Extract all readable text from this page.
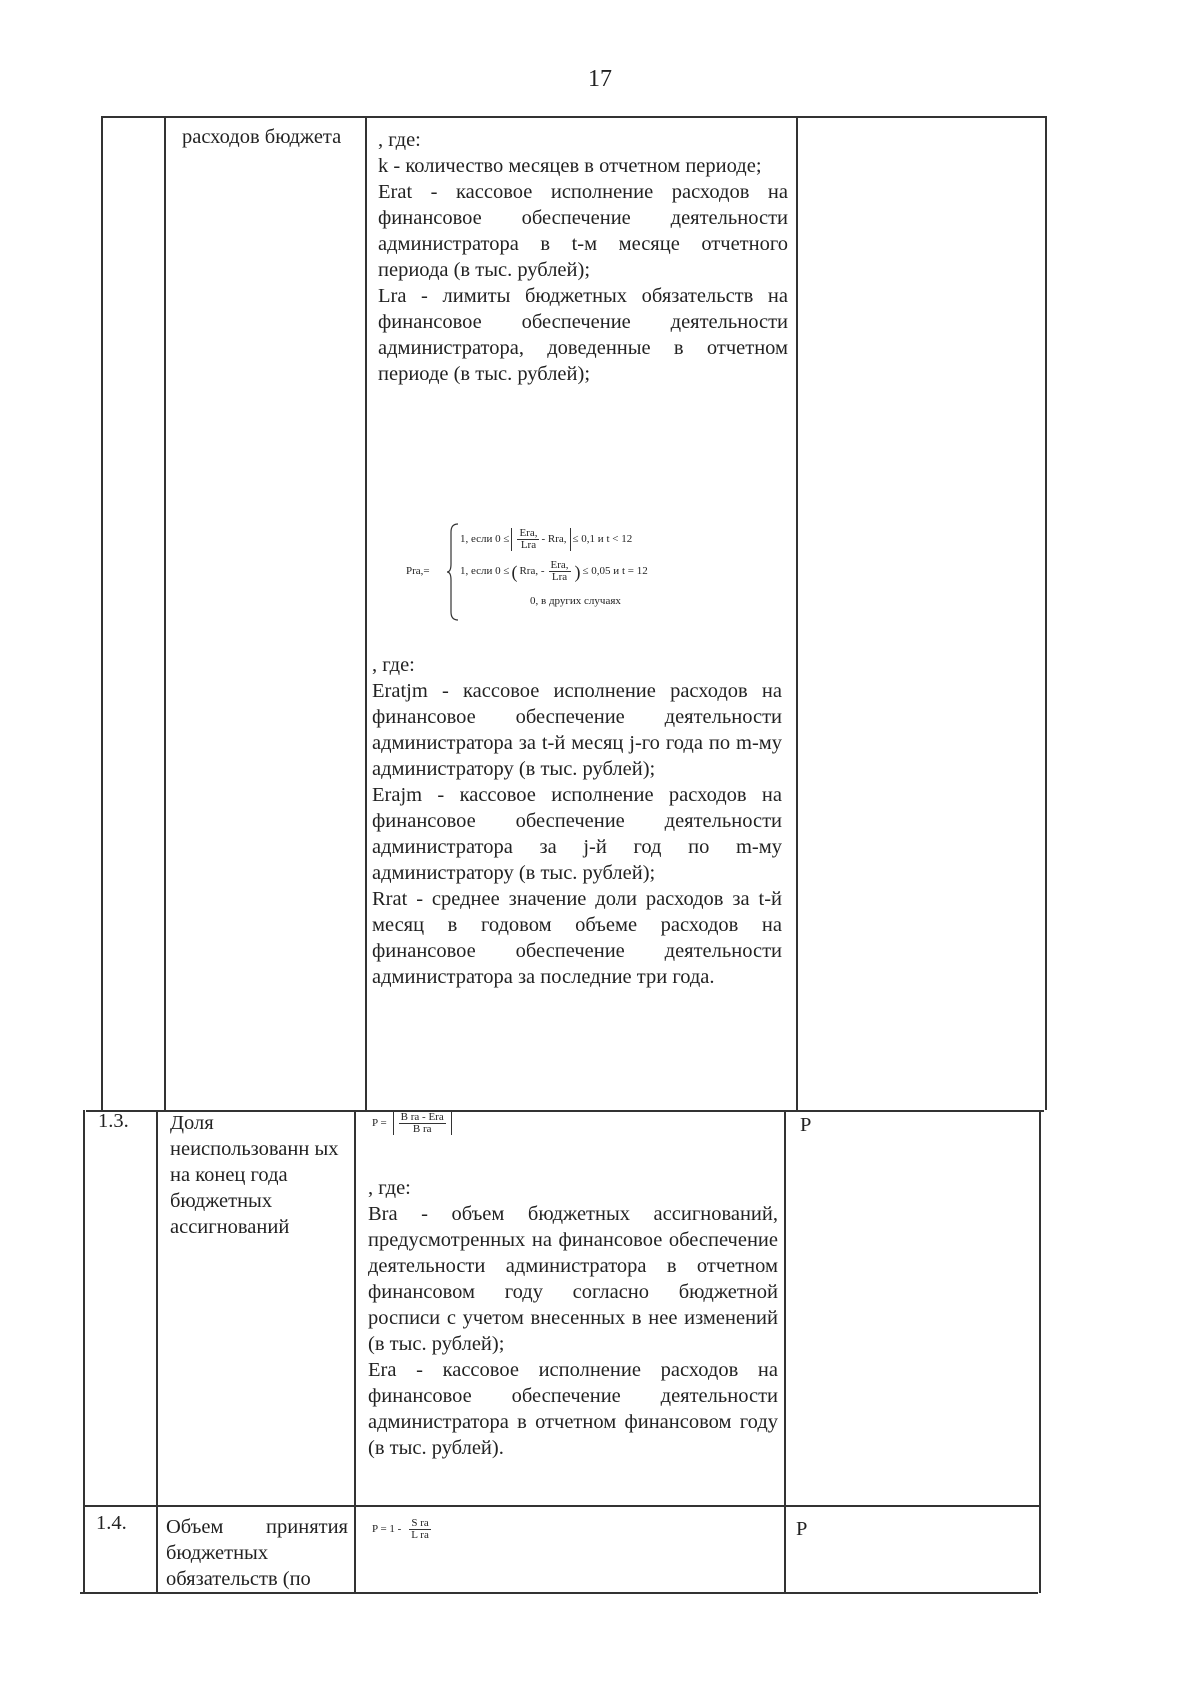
17
расходов бюджета	, где:

k - количество месяцев в отчетном периоде;

Erat - кассовое исполнение расходов на финансовое обеспечение деятельности администратора в t-м месяце отчетного периода (в тыс. рублей);

Lra - лимиты бюджетных обязательств на финансовое обеспечение деятельности администратора, доведенные в отчетном периоде (в тыс. рублей);

Pra,=
1, если $0 \le \frac{\text{Era,}}{\text{Lra}}$ - Rra, ≤ 0,1 и t < 12
1, если 0 ≤ ( Rra, - $\frac{\text{Era,}}{\text{Lra}}$ ) ≤ 0,05 и t = 12
0, в других случаях

, где:

Eratjm - кассовое исполнение расходов на финансовое обеспечение деятельности администратора за t-й месяц j-го года по m-му администратору (в тыс. рублей);

Erajm - кассовое исполнение расходов на финансовое обеспечение деятельности администратора за j-й год по m-му администратору (в тыс. рублей);

Rrat - среднее значение доли расходов за t-й месяц в годовом объеме расходов на финансовое обеспечение деятельности администратора за последние три года.

1.3. Доля неиспользованн ых на конец года бюджетных ассигнований
$P = \frac{\text{B ra - Era}}{\text{B ra}}$

, где:

Bra - объем бюджетных ассигнований, предусмотренных на финансовое обеспечение деятельности администратора в отчетном финансовом году согласно бюджетной росписи с учетом внесенных в нее изменений (в тыс. рублей);

Era - кассовое исполнение расходов на финансовое обеспечение деятельности администратора в отчетном финансовом году (в тыс. рублей).

P
1.4. Объем принятия бюджетных обязательств (по
$P = 1 - \frac{\text{S ra}}{\text{L ra}}$	P
